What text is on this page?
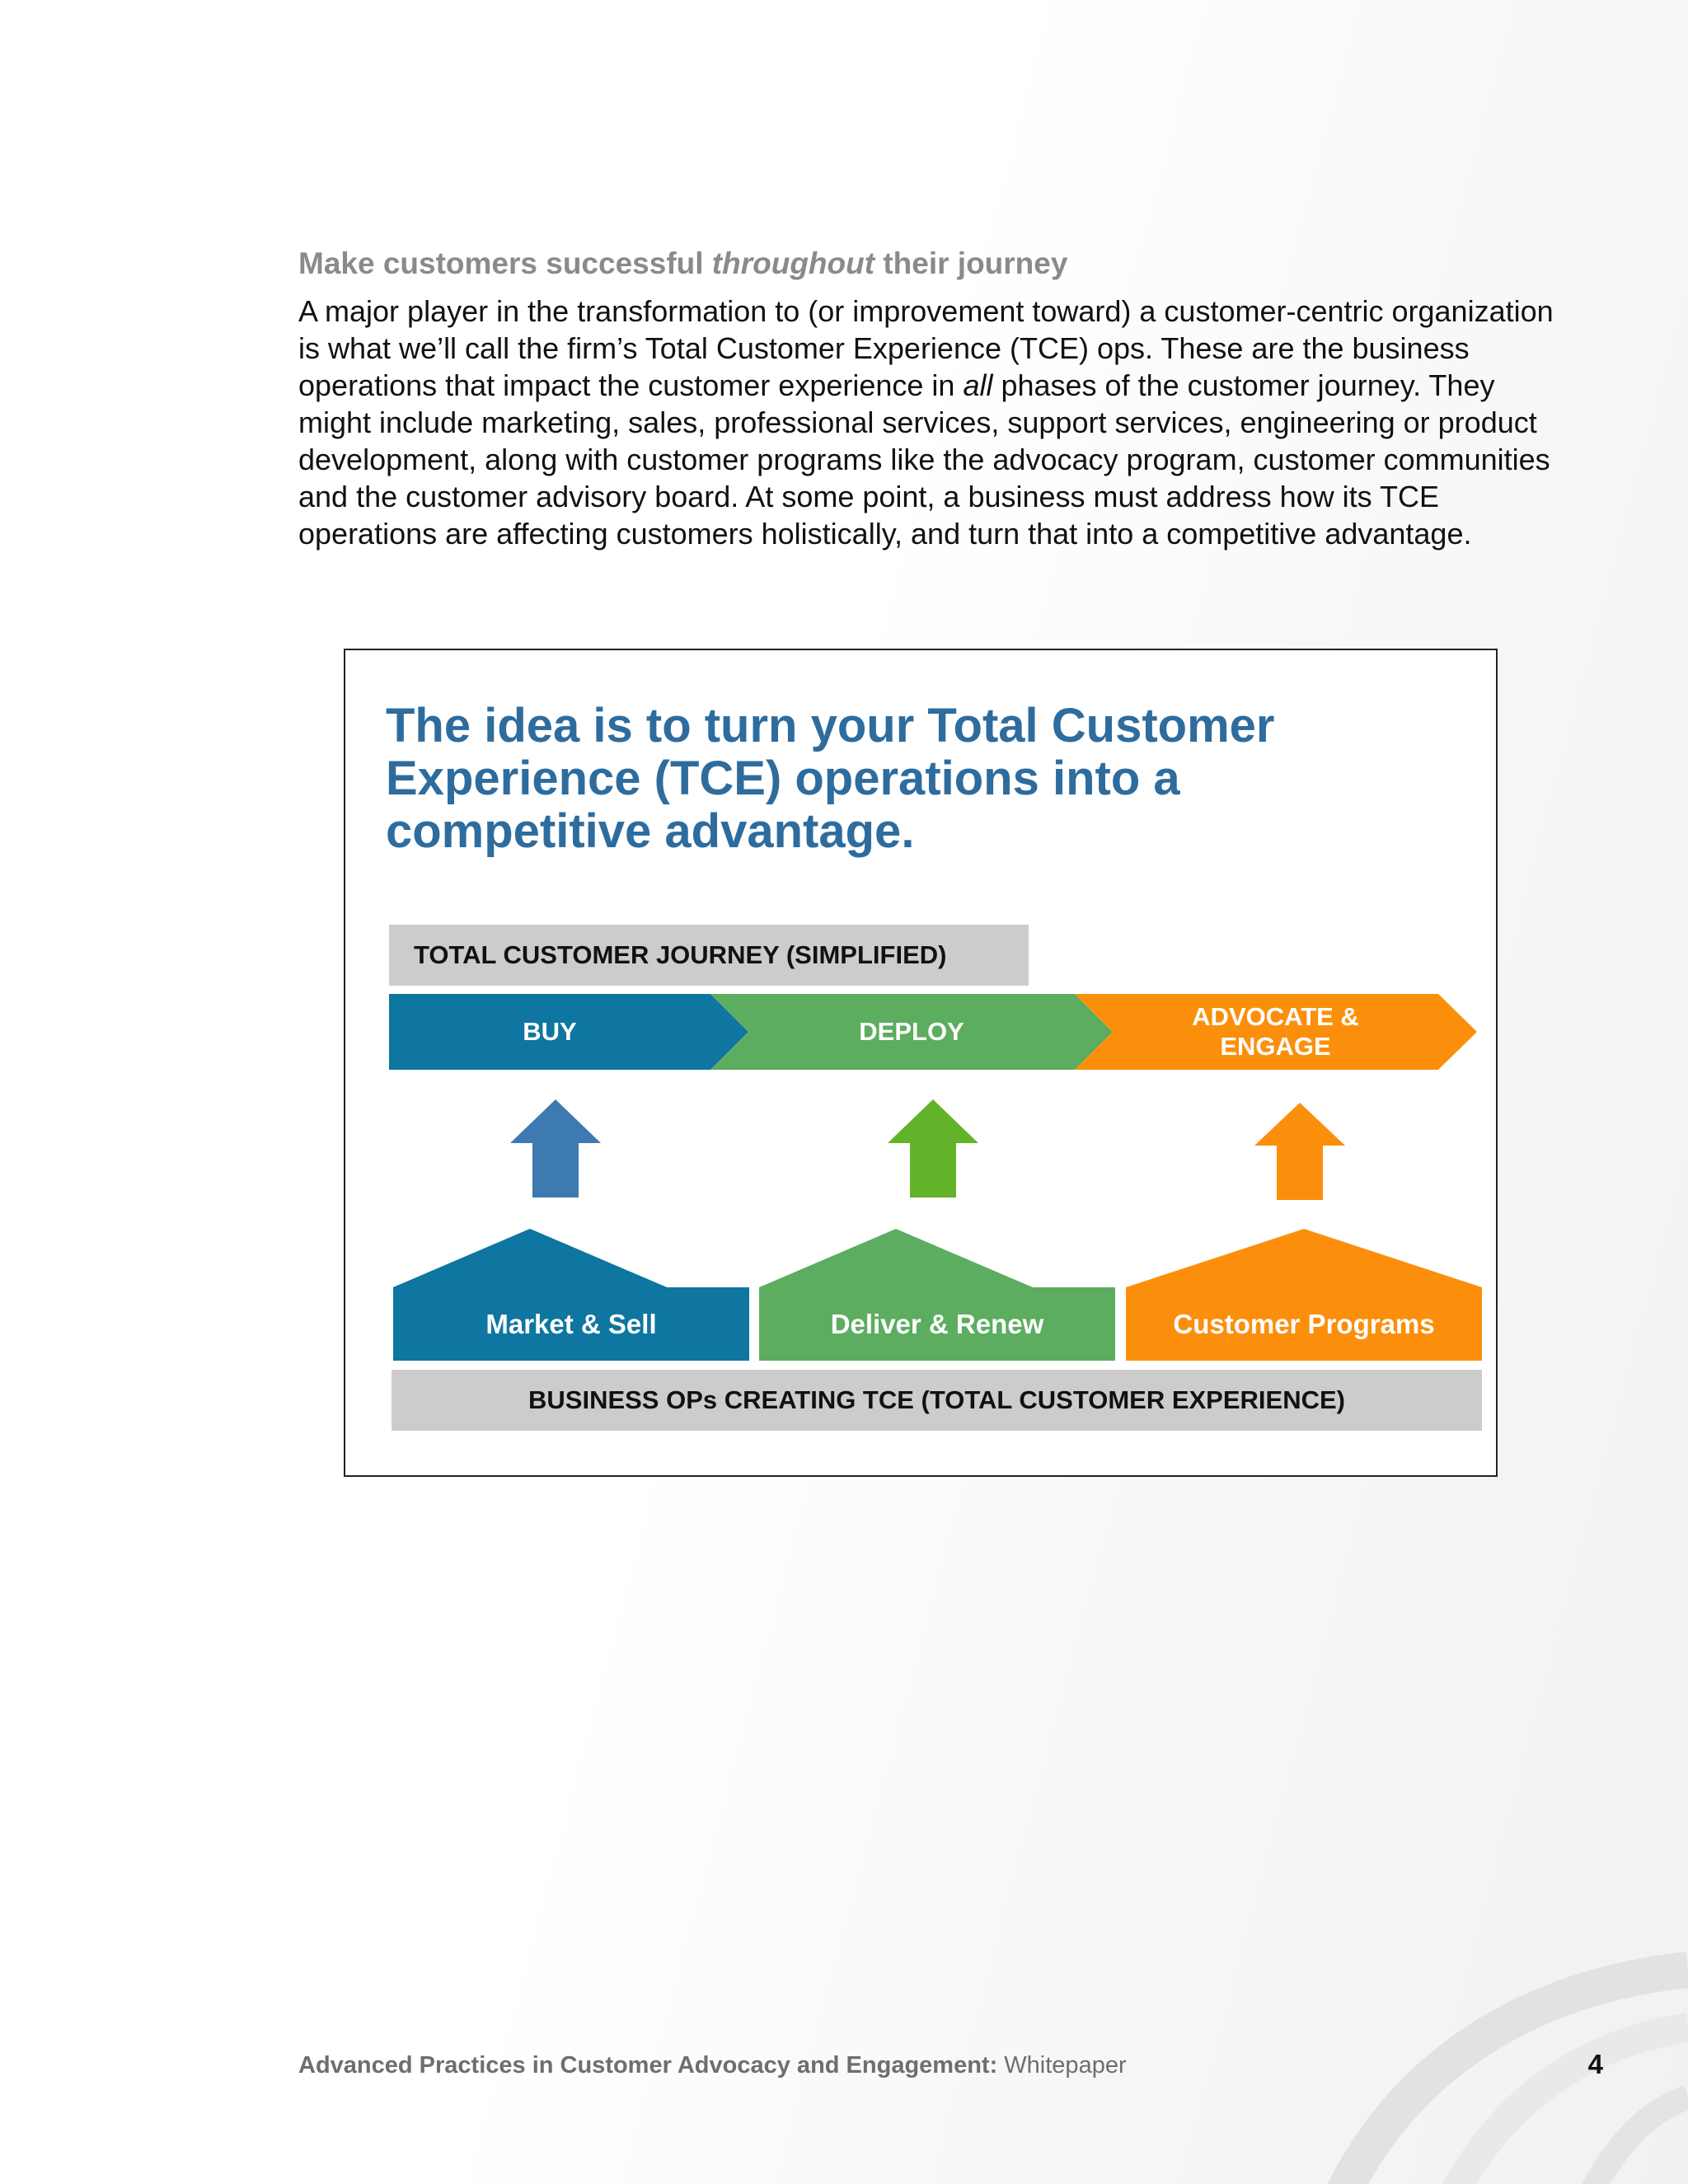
Make customers successful throughout their journey

A major player in the transformation to (or improvement toward) a customer-centric organization

is what we’ll call the firm’s Total Customer Experience (TCE) ops. These are the business

operations that impact the customer experience in all phases of the customer journey. They

might include marketing, sales, professional services, support services, engineering or product

development, along with customer programs like the advocacy program, customer communities

and the customer advisory board. At some point, a business must address how its TCE

operations are affecting customers holistically, and turn that into a competitive advantage.

The idea is to turn your Total Customer

Experience (TCE) operations into a

competitive advantage.

TOTAL CUSTOMER JOURNEY (SIMPLIFIED)
BUY	DEPLOY
ADVOCATE &
ENGAGE
Market & Sell	Deliver & Renew	Customer Programs
BUSINESS OPs CREATING TCE (TOTAL CUSTOMER EXPERIENCE)
Advanced Practices in Customer Advocacy and Engagement: Whitepaper	4
